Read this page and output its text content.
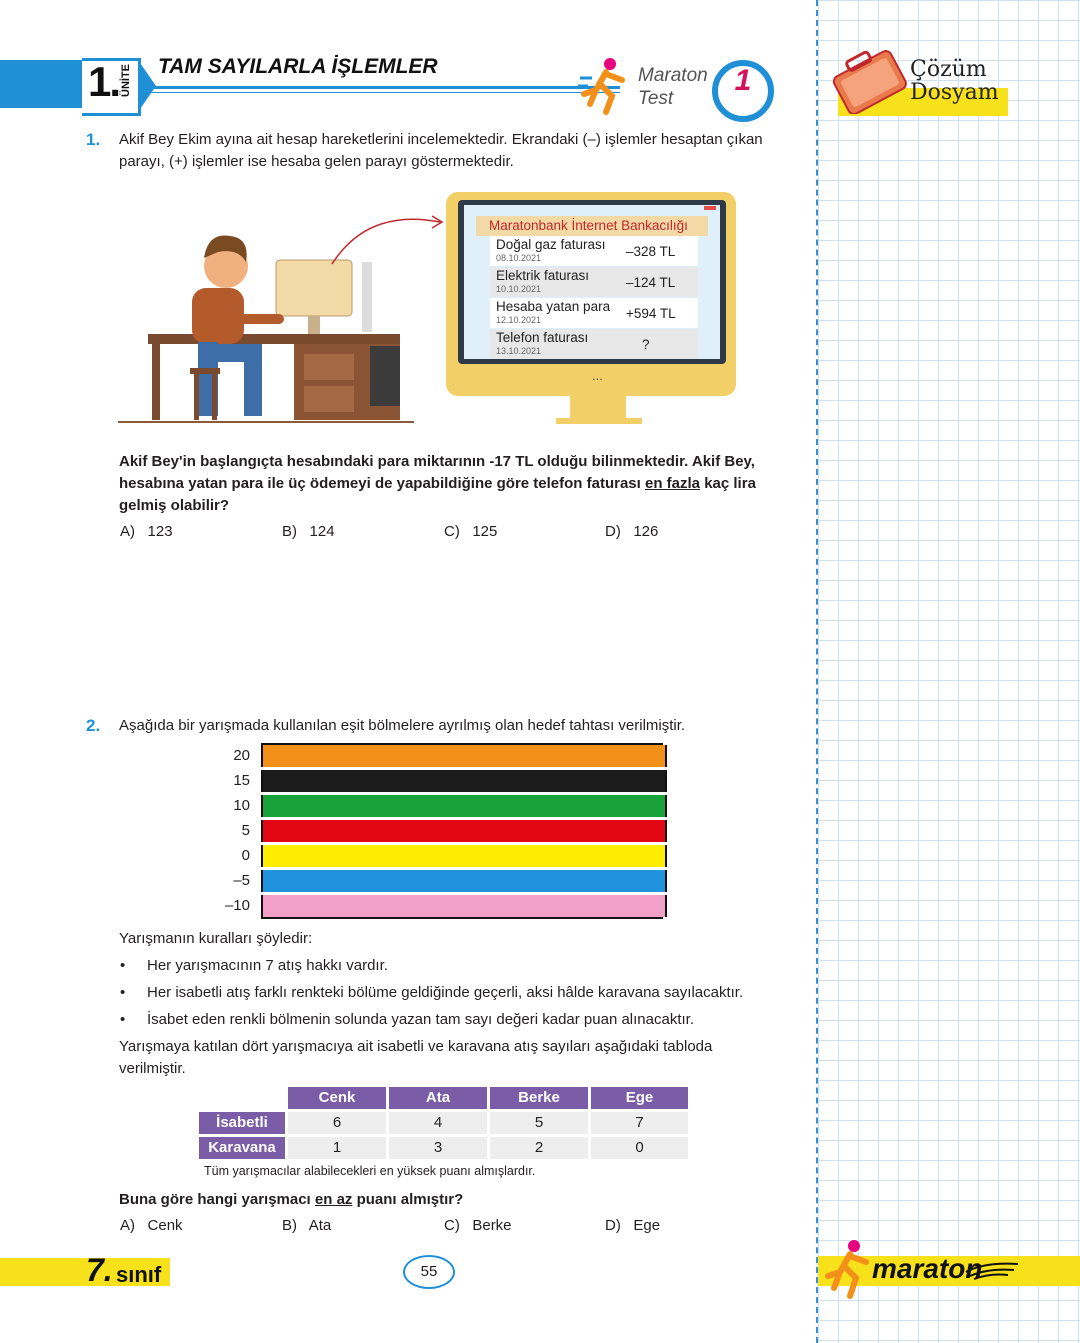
Çözüm
Dosyam
1. ÜNİTE TAM SAYILARLA İŞLEMLER	Maraton
Test
1
1. Akif Bey Ekim ayına ait hesap hareketlerini incelemektedir. Ekrandaki (–) işlemler hesaptan çıkan parayı, (+) işlemler ise hesaba gelen parayı göstermektedir.
Maratonbank İnternet Bankacılığı
Doğal gaz faturası
08.10.2021	–328 TL
Elektrik faturası
10.10.2021	–124 TL
Hesaba yatan para
12.10.2021	+594 TL
Telefon faturası
13.10.2021	?
...
Akif Bey'in başlangıçta hesabındaki para miktarının -17 TL olduğu bilinmektedir. Akif Bey, hesabına yatan para ile üç ödemeyi de yapabildiğine göre telefon faturası en fazla kaç lira gelmiş olabilir?
A) 123	B) 124	C) 125	D) 126
2. Aşağıda bir yarışmada kullanılan eşit bölmelere ayrılmış olan hedef tahtası verilmiştir.
20
15
10
5
0
–5
–10
Yarışmanın kuralları şöyledir:
• Her yarışmacının 7 atış hakkı vardır.
• Her isabetli atış farklı renkteki bölüme geldiğinde geçerli, aksi hâlde karavana sayılacaktır.
• İsabet eden renkli bölmenin solunda yazan tam sayı değeri kadar puan alınacaktır.
Yarışmaya katılan dört yarışmacıya ait isabetli ve karavana atış sayıları aşağıdaki tabloda verilmiştir.
Cenk	Ata	Berke	Ege
İsabetli	6	4	5	7
Karavana	1	3	2	0
Tüm yarışmacılar alabilecekleri en yüksek puanı almışlardır.
Buna göre hangi yarışmacı en az puanı almıştır?
A) Cenk	B) Ata	C) Berke	D) Ege
7. sınıf	55	maraton
